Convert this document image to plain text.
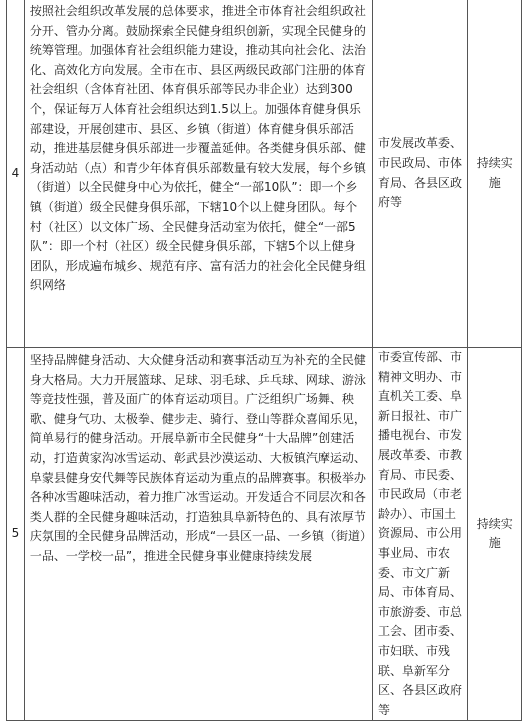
4	按照社会组织改革发展的总体要求，推进全市体育社会组织政社分开、管办分离。鼓励探索全民健身组织创新，实现全民健身的统筹管理。加强体育社会组织能力建设，推动其向社会化、法治化、高效化方向发展。全市在市、县区两级民政部门注册的体育社会组织（含体育社团、体育俱乐部等民办非企业）达到300个，保证每万人体育社会组织达到1.5以上。加强体育健身俱乐部建设，开展创建市、县区、乡镇（街道）体育健身俱乐部活动，推进基层健身俱乐部进一步覆盖延伸。各类健身俱乐部、健身活动站（点）和青少年体育俱乐部数量有较大发展，每个乡镇（街道）以全民健身中心为依托，健全“一部10队”：即一个乡镇（街道）级全民健身俱乐部，下辖10个以上健身团队。每个村（社区）以文体广场、全民健身活动室为依托，健全“一部5队”：即一个村（社区）级全民健身俱乐部，下辖5个以上健身团队，形成遍布城乡、规范有序、富有活力的社会化全民健身组织网络	市发展改革委、市民政局、市体育局、各县区政府等	持续实施
5	坚持品牌健身活动、大众健身活动和赛事活动互为补充的全民健身大格局。大力开展篮球、足球、羽毛球、乒乓球、网球、游泳等竞技性强，普及面广的体育运动项目。广泛组织广场舞、秧歌、健身气功、太极拳、健步走、骑行、登山等群众喜闻乐见，简单易行的健身活动。开展阜新市全民健身“十大品牌”创建活动，打造黄家沟冰雪运动、彰武县沙漠运动、大板镇汽摩运动、阜蒙县健身安代舞等民族体育运动为重点的品牌赛事。积极举办各种冰雪趣味活动，着力推广冰雪运动。开发适合不同层次和各类人群的全民健身趣味活动，打造独具阜新特色的、具有浓厚节庆氛围的全民健身品牌活动，形成“一县区一品、一乡镇（街道）一品、一学校一品”，推进全民健身事业健康持续发展	市委宣传部、市精神文明办、市直机关工委、阜新日报社、市广播电视台、市发展改革委、市教育局、市民委、市民政局（市老龄办）、市国土资源局、市公用事业局、市农委、市文广新局、市体育局、市旅游委、市总工会、团市委、市妇联、市残联、阜新军分区、各县区政府等	持续实施
